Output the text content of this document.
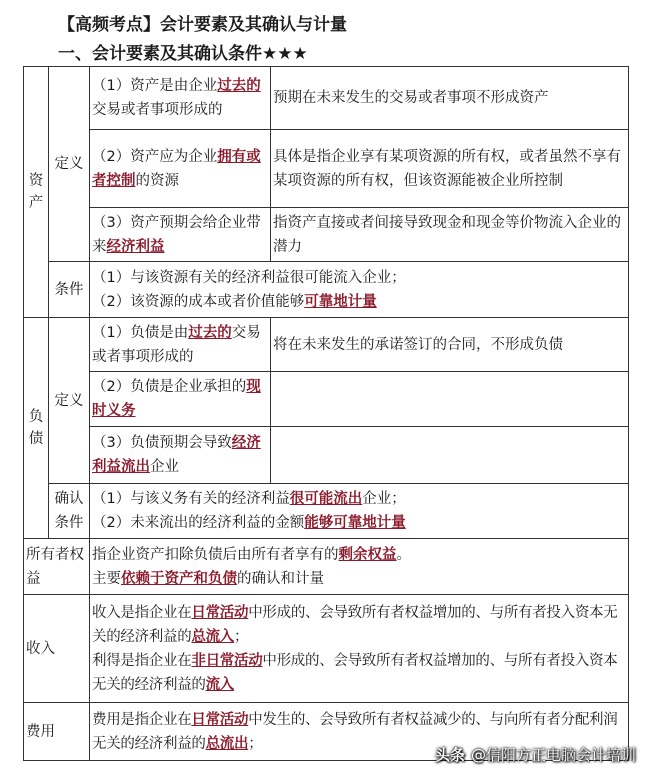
【高频考点】会计要素及其确认与计量
一、会计要素及其确认条件★★★
资产	定义	（1）资产是由企业过去的交易或者事项形成的	预期在未来发生的交易或者事项不形成资产
		（2）资产应为企业拥有或者控制的资源	具体是指企业享有某项资源的所有权，或者虽然不享有某项资源的所有权，但该资源能被企业所控制
		（3）资产预期会给企业带来经济利益	指资产直接或者间接导致现金和现金等价物流入企业的潜力
	条件	（1）与该资源有关的经济利益很可能流入企业；
（2）该资源的成本或者价值能够可靠地计量	

负债	定义	（1）负债是由过去的交易或者事项形成的	将在未来发生的承诺签订的合同，不形成负债
		（2）负债是企业承担的现时义务	
		（3）负债预期会导致经济利益流出企业	
	确认条件	（1）与该义务有关的经济利益很可能流出企业；
（2）未来流出的经济利益的金额能够可靠地计量	

所有者权益		指企业资产扣除负债后由所有者享有的剩余权益。
主要依赖于资产和负债的确认和计量	

收入		收入是指企业在日常活动中形成的、会导致所有者权益增加的、与所有者投入资本无关的经济利益的总流入；
利得是指企业在非日常活动中形成的、会导致所有者权益增加的、与所有者投入资本无关的经济利益的流入	

费用		费用是指企业在日常活动中发生的、会导致所有者权益减少的、与向所有者分配利润无关的经济利益的总流出；	
头条 @信阳方正电脑会计培训
